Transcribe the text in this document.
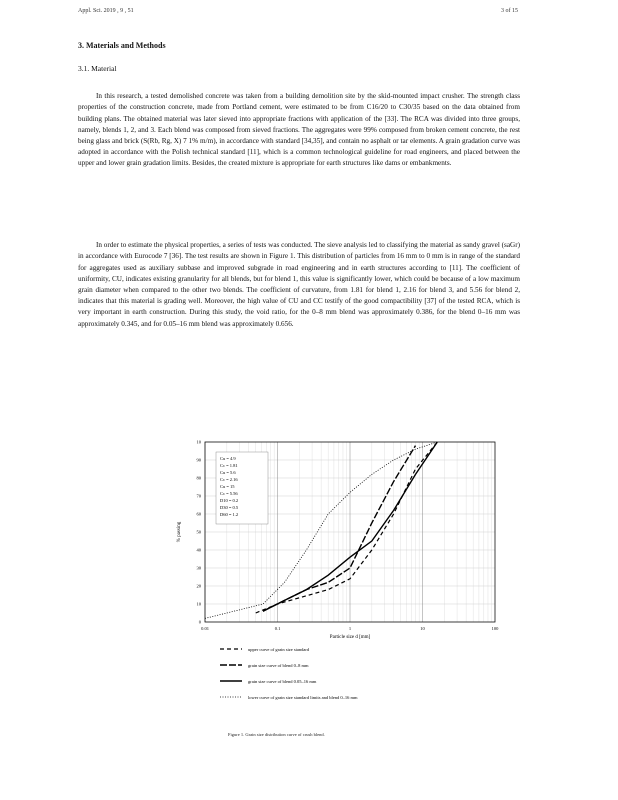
Appl. Sci. 2019 , 9 , 51	3 of 15
3. Materials and Methods
3.1. Material

In this research, a tested demolished concrete was taken from a building demolition site by the skid-mounted impact crusher. The strength class properties of the construction concrete, made from Portland cement, were estimated to be from C16/20 to C30/35 based on the data obtained from building plans. The obtained material was later sieved into appropriate fractions with application of the [33]. The RCA was divided into three groups, namely, blends 1, 2, and 3. Each blend was composed from sieved fractions. The aggregates were 99% composed from broken cement concrete, the rest being glass and brick (S(Rb, Rg, X) 7 1% m/m), in accordance with standard [34,35], and contain no asphalt or tar elements. A grain gradation curve was adopted in accordance with the Polish technical standard [11], which is a common technological guideline for road engineers, and placed between the upper and lower grain gradation limits. Besides, the created mixture is appropriate for earth structures like dams or embankments.

In order to estimate the physical properties, a series of tests was conducted. The sieve analysis led to classifying the material as sandy gravel (saGr) in accordance with Eurocode 7 [36]. The test results are shown in Figure 1. This distribution of particles from 16 mm to 0 mm is in range of the standard for aggregates used as auxiliary subbase and improved subgrade in road engineering and in earth structures according to [11]. The coefficient of uniformity, CU, indicates existing granularity for all blends, but for blend 1, this value is significantly lower, which could be because of a low maximum grain diameter when compared to the other two blends. The coefficient of curvature, from 1.81 for blend 1, 2.16 for blend 3, and 5.56 for blend 2, indicates that this material is grading well. Moreover, the high value of CU and CC testify of the good compactibility [37] of the tested RCA, which is very important in earth construction. During this study, the void ratio, for the 0–8 mm blend was approximately 0.386, for the blend 0–16 mm was approximately 0.345, and for 0.05–16 mm blend was approximately 0.656.

10
90
80
70
60
50
40
30
20
10
0
0.01	0.1	1	10	100
% passing
Particle size d [mm]
Cu = 4.9
Cc = 1.81
Cu = 5.6
Cc = 2.16
Cu = 15
Cc = 5.56
D10 = 0.2
D30 = 0.5
D60 = 1.2
upper curve of grain size standard
grain size curve of blend 0–8 mm
grain size curve of blend 0.05–16 mm
lower curve of grain size standard limits and blend 0–16 mm
Figure 1. Grain size distribution curve of crush blend.
